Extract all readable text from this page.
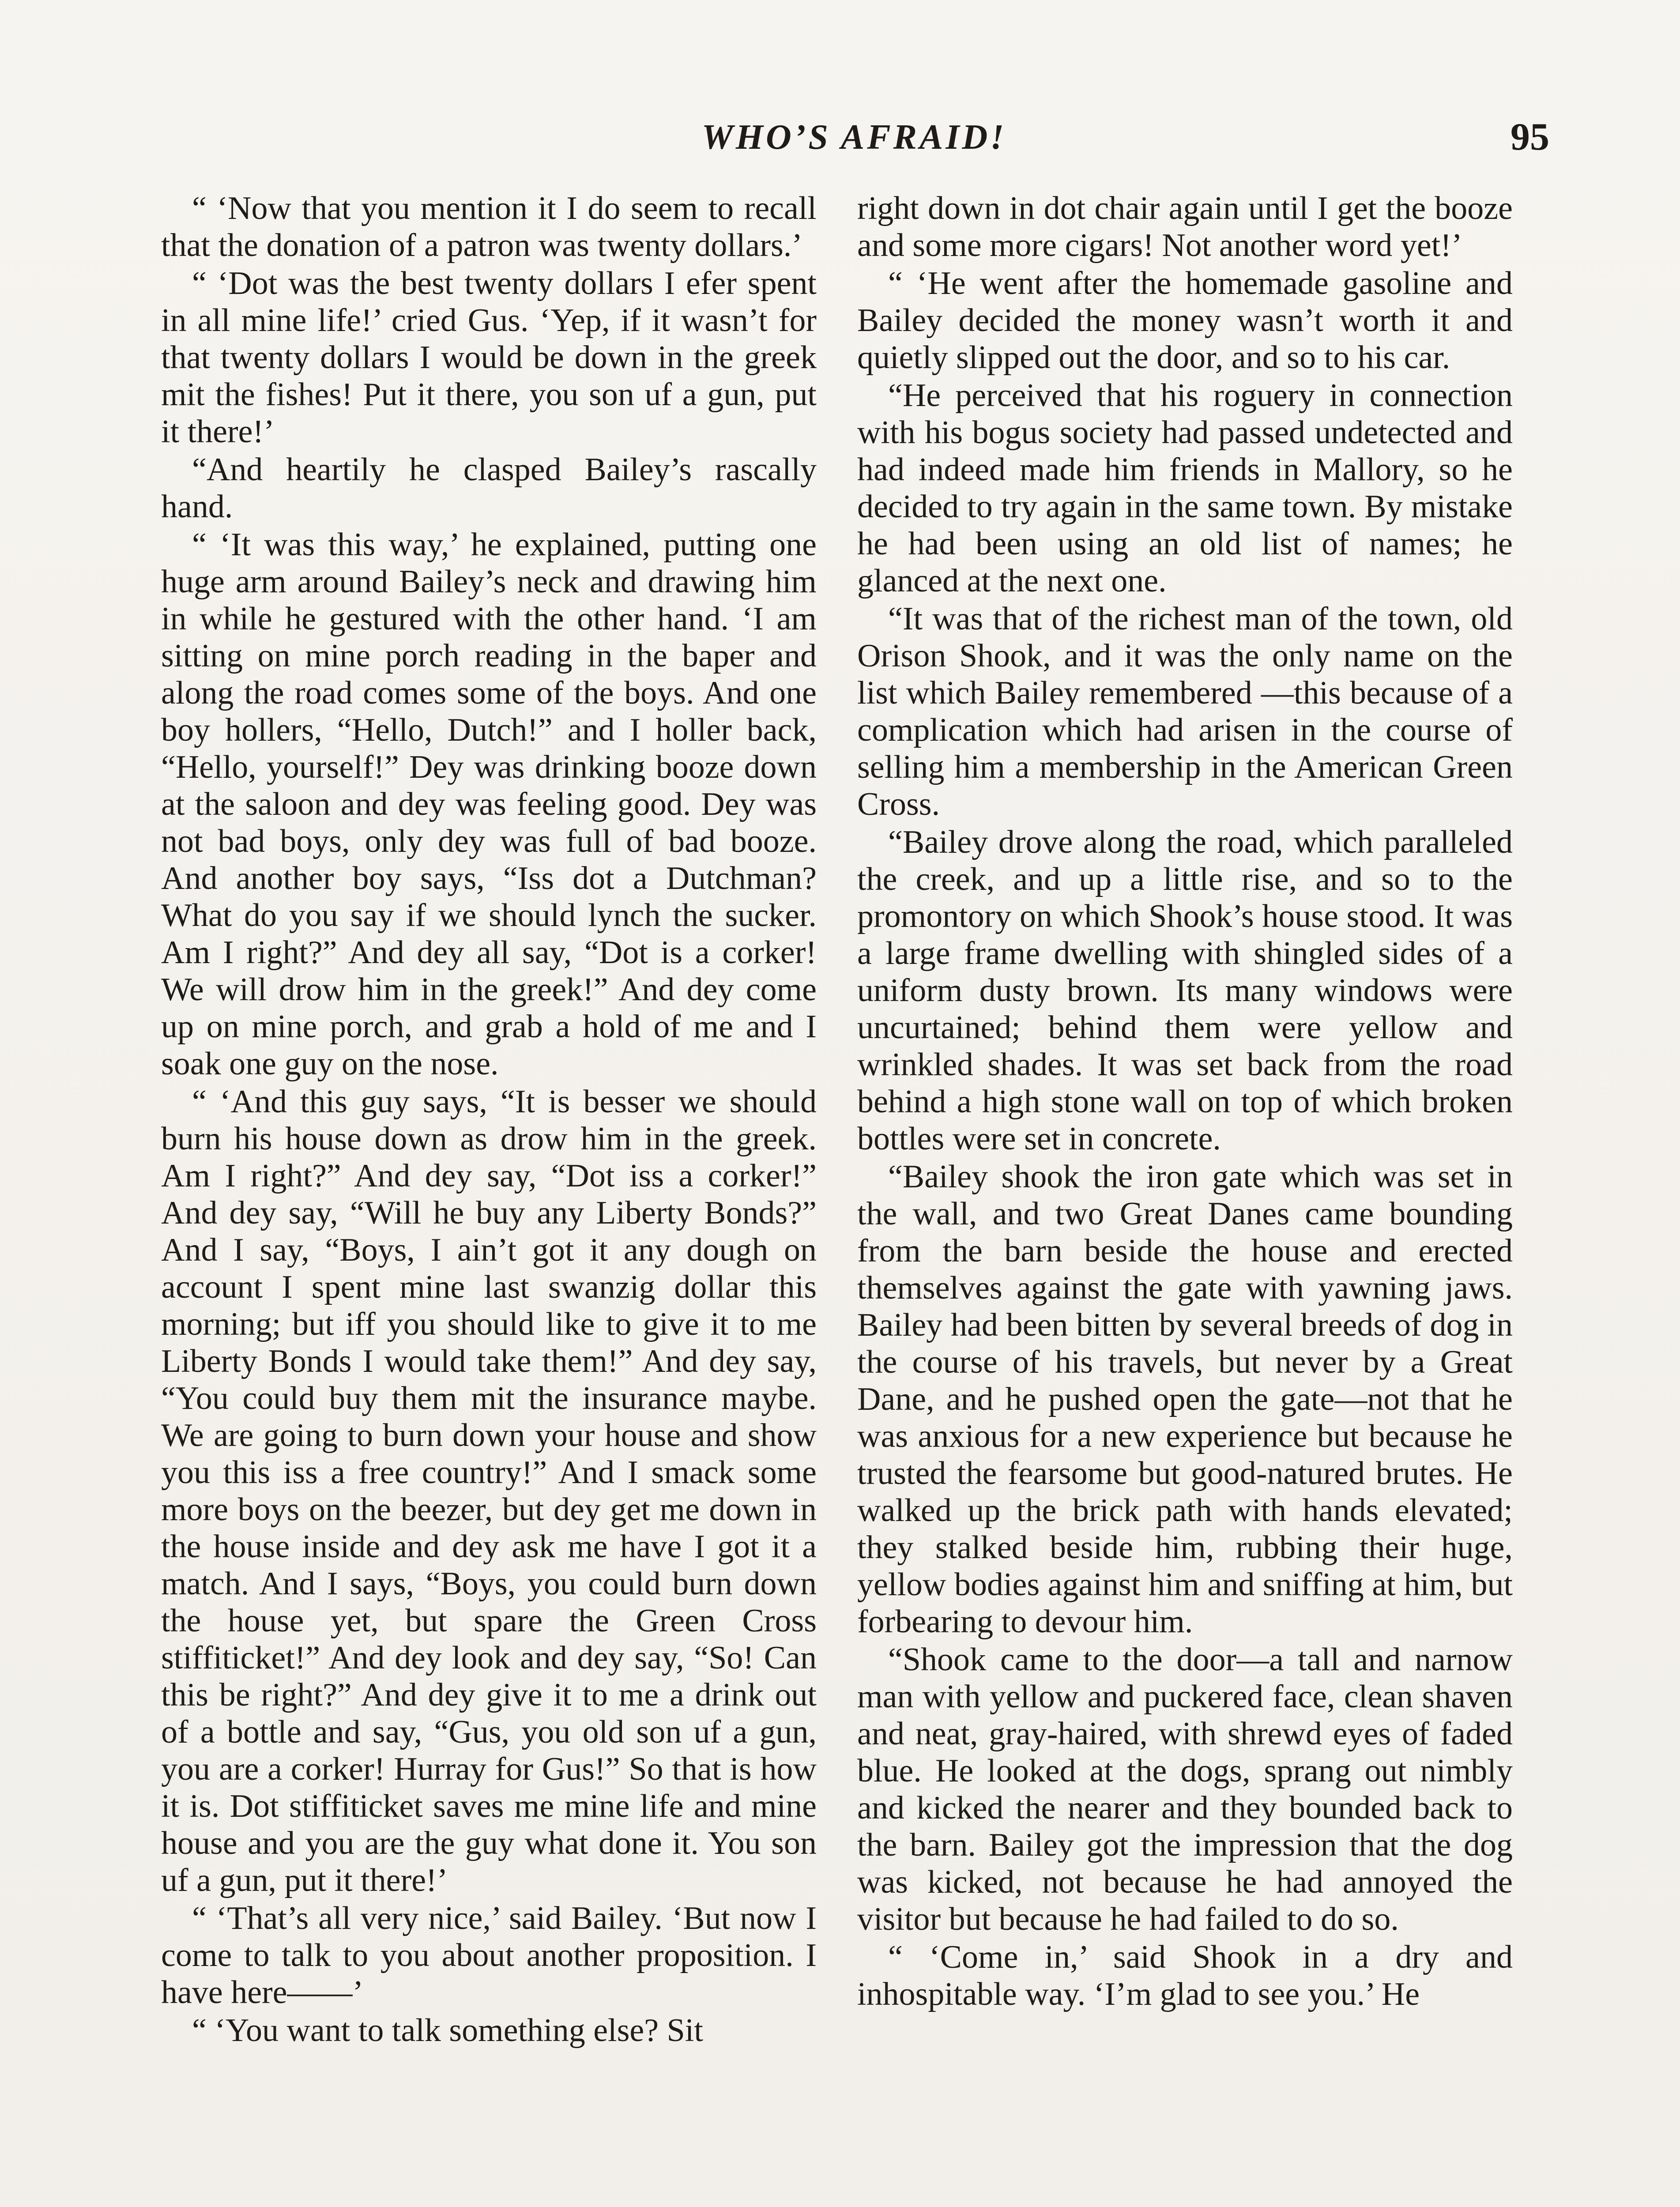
WHO’S AFRAID!	95

“ ‘Now that you mention it I do seem to recall that the donation of a patron was twenty dollars.’

“ ‘Dot was the best twenty dollars I efer spent in all mine life!’ cried Gus. ‘Yep, if it wasn’t for that twenty dollars I would be down in the greek mit the fishes! Put it there, you son uf a gun, put it there!’

“And heartily he clasped Bailey’s rascally hand.

“ ‘It was this way,’ he explained, putting one huge arm around Bailey’s neck and drawing him in while he gestured with the other hand. ‘I am sitting on mine porch reading in the baper and along the road comes some of the boys. And one boy hollers, “Hello, Dutch!” and I holler back, “Hello, yourself!” Dey was drinking booze down at the saloon and dey was feeling good. Dey was not bad boys, only dey was full of bad booze. And another boy says, “Iss dot a Dutchman? What do you say if we should lynch the sucker. Am I right?” And dey all say, “Dot is a corker! We will drow him in the greek!” And dey come up on mine porch, and grab a hold of me and I soak one guy on the nose.

“ ‘And this guy says, “It is besser we should burn his house down as drow him in the greek. Am I right?” And dey say, “Dot iss a corker!” And dey say, “Will he buy any Liberty Bonds?” And I say, “Boys, I ain’t got it any dough on account I spent mine last swanzig dollar this morning; but iff you should like to give it to me Liberty Bonds I would take them!” And dey say, “You could buy them mit the insurance maybe. We are going to burn down your house and show you this iss a free country!” And I smack some more boys on the beezer, but dey get me down in the house inside and dey ask me have I got it a match. And I says, “Boys, you could burn down the house yet, but spare the Green Cross stiffiticket!” And dey look and dey say, “So! Can this be right?” And dey give it to me a drink out of a bottle and say, “Gus, you old son uf a gun, you are a corker! Hurray for Gus!” So that is how it is. Dot stiffiticket saves me mine life and mine house and you are the guy what done it. You son uf a gun, put it there!’

“ ‘That’s all very nice,’ said Bailey. ‘But now I come to talk to you about another proposition. I have here——’

“ ‘You want to talk something else? Sit

right down in dot chair again until I get the booze and some more cigars! Not another word yet!’

“ ‘He went after the homemade gasoline and Bailey decided the money wasn’t worth it and quietly slipped out the door, and so to his car.

“He perceived that his roguery in connection with his bogus society had passed undetected and had indeed made him friends in Mallory, so he decided to try again in the same town. By mistake he had been using an old list of names; he glanced at the next one.

“It was that of the richest man of the town, old Orison Shook, and it was the only name on the list which Bailey remembered —this because of a complication which had arisen in the course of selling him a membership in the American Green Cross.

“Bailey drove along the road, which paralleled the creek, and up a little rise, and so to the promontory on which Shook’s house stood. It was a large frame dwelling with shingled sides of a uniform dusty brown. Its many windows were uncurtained; behind them were yellow and wrinkled shades. It was set back from the road behind a high stone wall on top of which broken bottles were set in concrete.

“Bailey shook the iron gate which was set in the wall, and two Great Danes came bounding from the barn beside the house and erected themselves against the gate with yawning jaws. Bailey had been bitten by several breeds of dog in the course of his travels, but never by a Great Dane, and he pushed open the gate—not that he was anxious for a new experience but because he trusted the fearsome but good-natured brutes. He walked up the brick path with hands elevated; they stalked beside him, rubbing their huge, yellow bodies against him and sniffing at him, but forbearing to devour him.

“Shook came to the door—a tall and narnow man with yellow and puckered face, clean shaven and neat, gray-haired, with shrewd eyes of faded blue. He looked at the dogs, sprang out nimbly and kicked the nearer and they bounded back to the barn. Bailey got the impression that the dog was kicked, not because he had annoyed the visitor but because he had failed to do so.

“ ‘Come in,’ said Shook in a dry and inhospitable way. ‘I’m glad to see you.’ He
